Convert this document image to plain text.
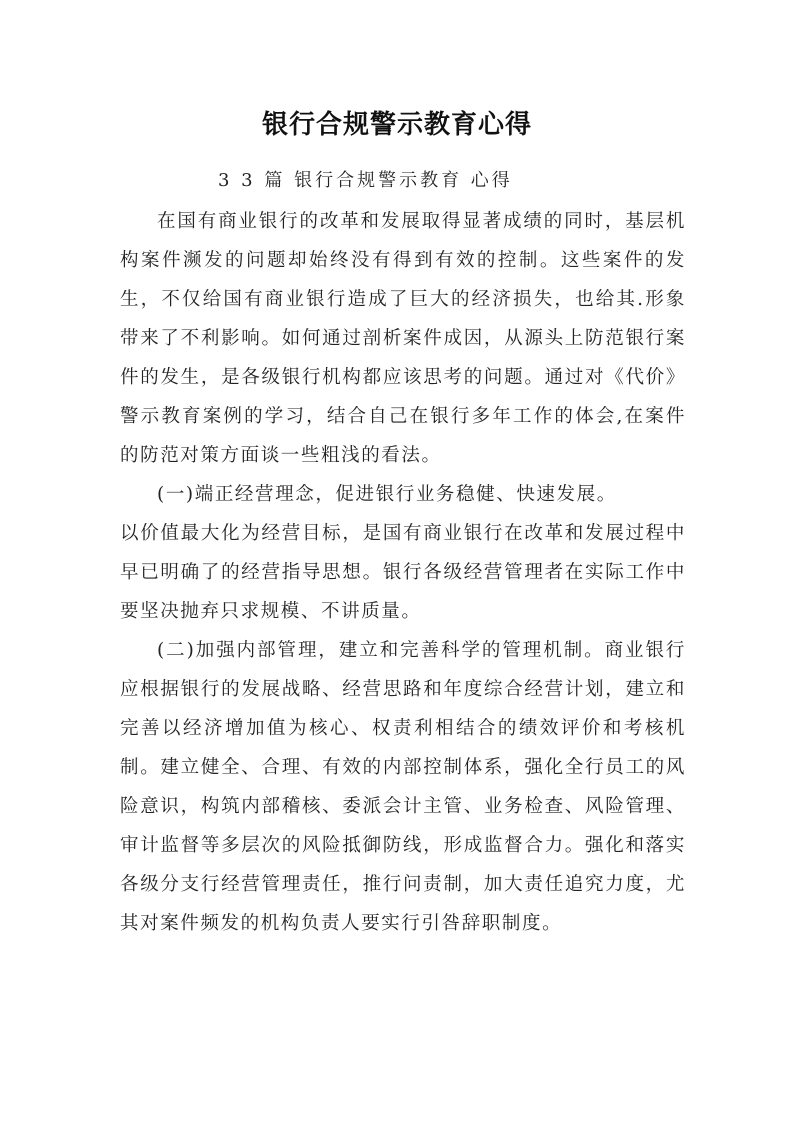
银行合规警示教育心得
3 3 篇 银行合规警示教育 心得

在国有商业银行的改革和发展取得显著成绩的同时，基层机构案件濒发的问题却始终没有得到有效的控制。这些案件的发生，不仅给国有商业银行造成了巨大的经济损失，也给其.形象带来了不利影响。如何通过剖析案件成因，从源头上防范银行案件的发生，是各级银行机构都应该思考的问题。通过对《代价》警示教育案例的学习，结合自己在银行多年工作的体会,在案件的防范对策方面谈一些粗浅的看法。

(一)端正经营理念，促进银行业务稳健、快速发展。

以价值最大化为经营目标，是国有商业银行在改革和发展过程中早已明确了的经营指导思想。银行各级经营管理者在实际工作中要坚决抛弃只求规模、不讲质量。

(二)加强内部管理，建立和完善科学的管理机制。商业银行应根据银行的发展战略、经营思路和年度综合经营计划，建立和完善以经济增加值为核心、权责利相结合的绩效评价和考核机制。建立健全、合理、有效的内部控制体系，强化全行员工的风险意识，构筑内部稽核、委派会计主管、业务检查、风险管理、审计监督等多层次的风险抵御防线，形成监督合力。强化和落实各级分支行经营管理责任，推行问责制，加大责任追究力度，尤其对案件频发的机构负责人要实行引咎辞职制度。
